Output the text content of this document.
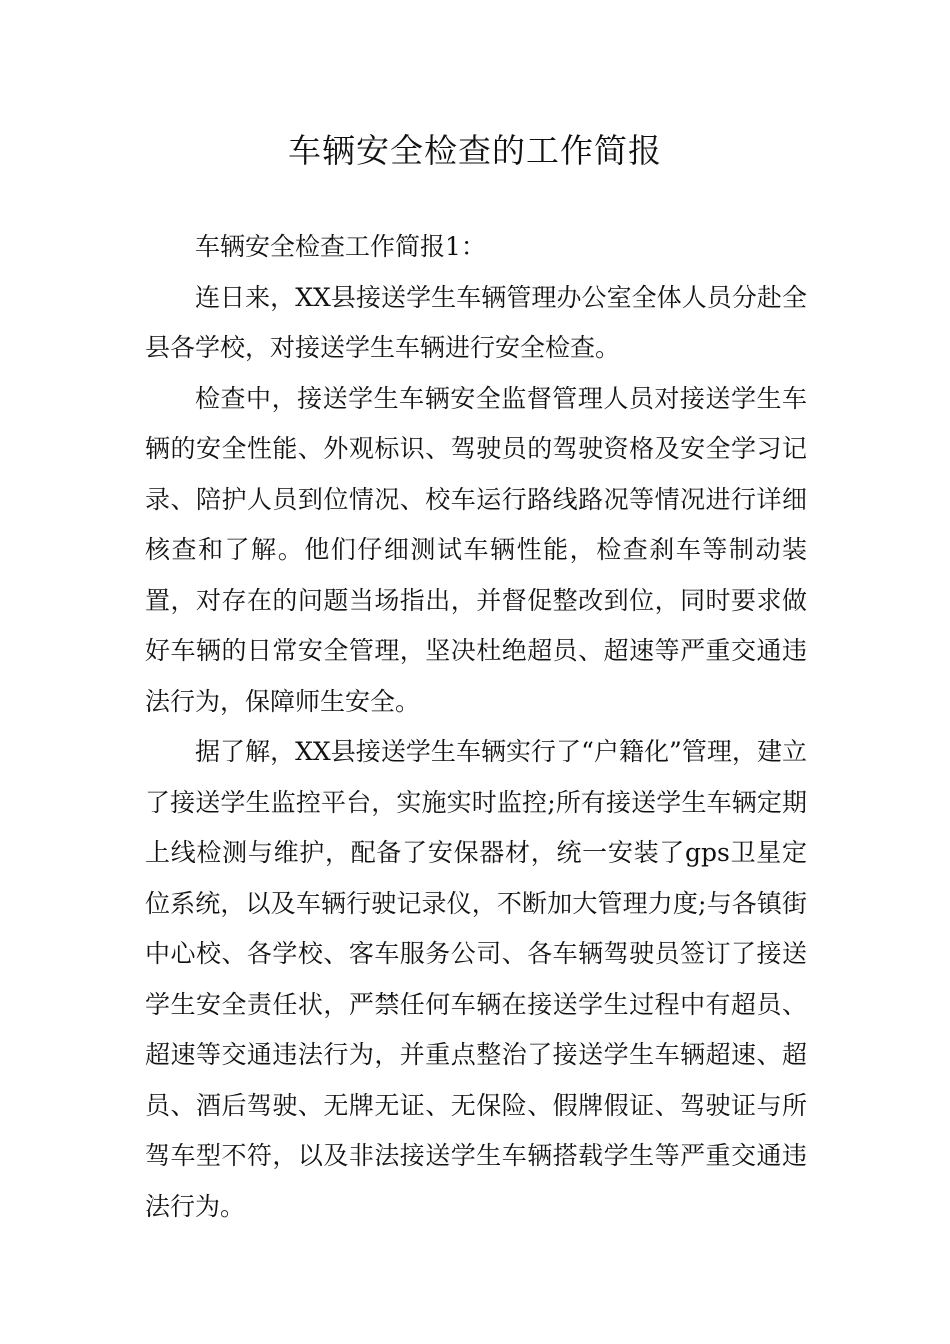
车辆安全检查的工作简报

车辆安全检查工作简报1：

连日来，XX县接送学生车辆管理办公室全体人员分赴全县各学校，对接送学生车辆进行安全检查。

检查中，接送学生车辆安全监督管理人员对接送学生车辆的安全性能、外观标识、驾驶员的驾驶资格及安全学习记录、陪护人员到位情况、校车运行路线路况等情况进行详细核查和了解。他们仔细测试车辆性能，检查刹车等制动装置，对存在的问题当场指出，并督促整改到位，同时要求做好车辆的日常安全管理，坚决杜绝超员、超速等严重交通违法行为，保障师生安全。

据了解，XX县接送学生车辆实行了“户籍化”管理，建立了接送学生监控平台，实施实时监控;所有接送学生车辆定期上线检测与维护，配备了安保器材，统一安装了gps卫星定位系统，以及车辆行驶记录仪，不断加大管理力度;与各镇街中心校、各学校、客车服务公司、各车辆驾驶员签订了接送学生安全责任状，严禁任何车辆在接送学生过程中有超员、超速等交通违法行为，并重点整治了接送学生车辆超速、超员、酒后驾驶、无牌无证、无保险、假牌假证、驾驶证与所驾车型不符，以及非法接送学生车辆搭载学生等严重交通违法行为。
